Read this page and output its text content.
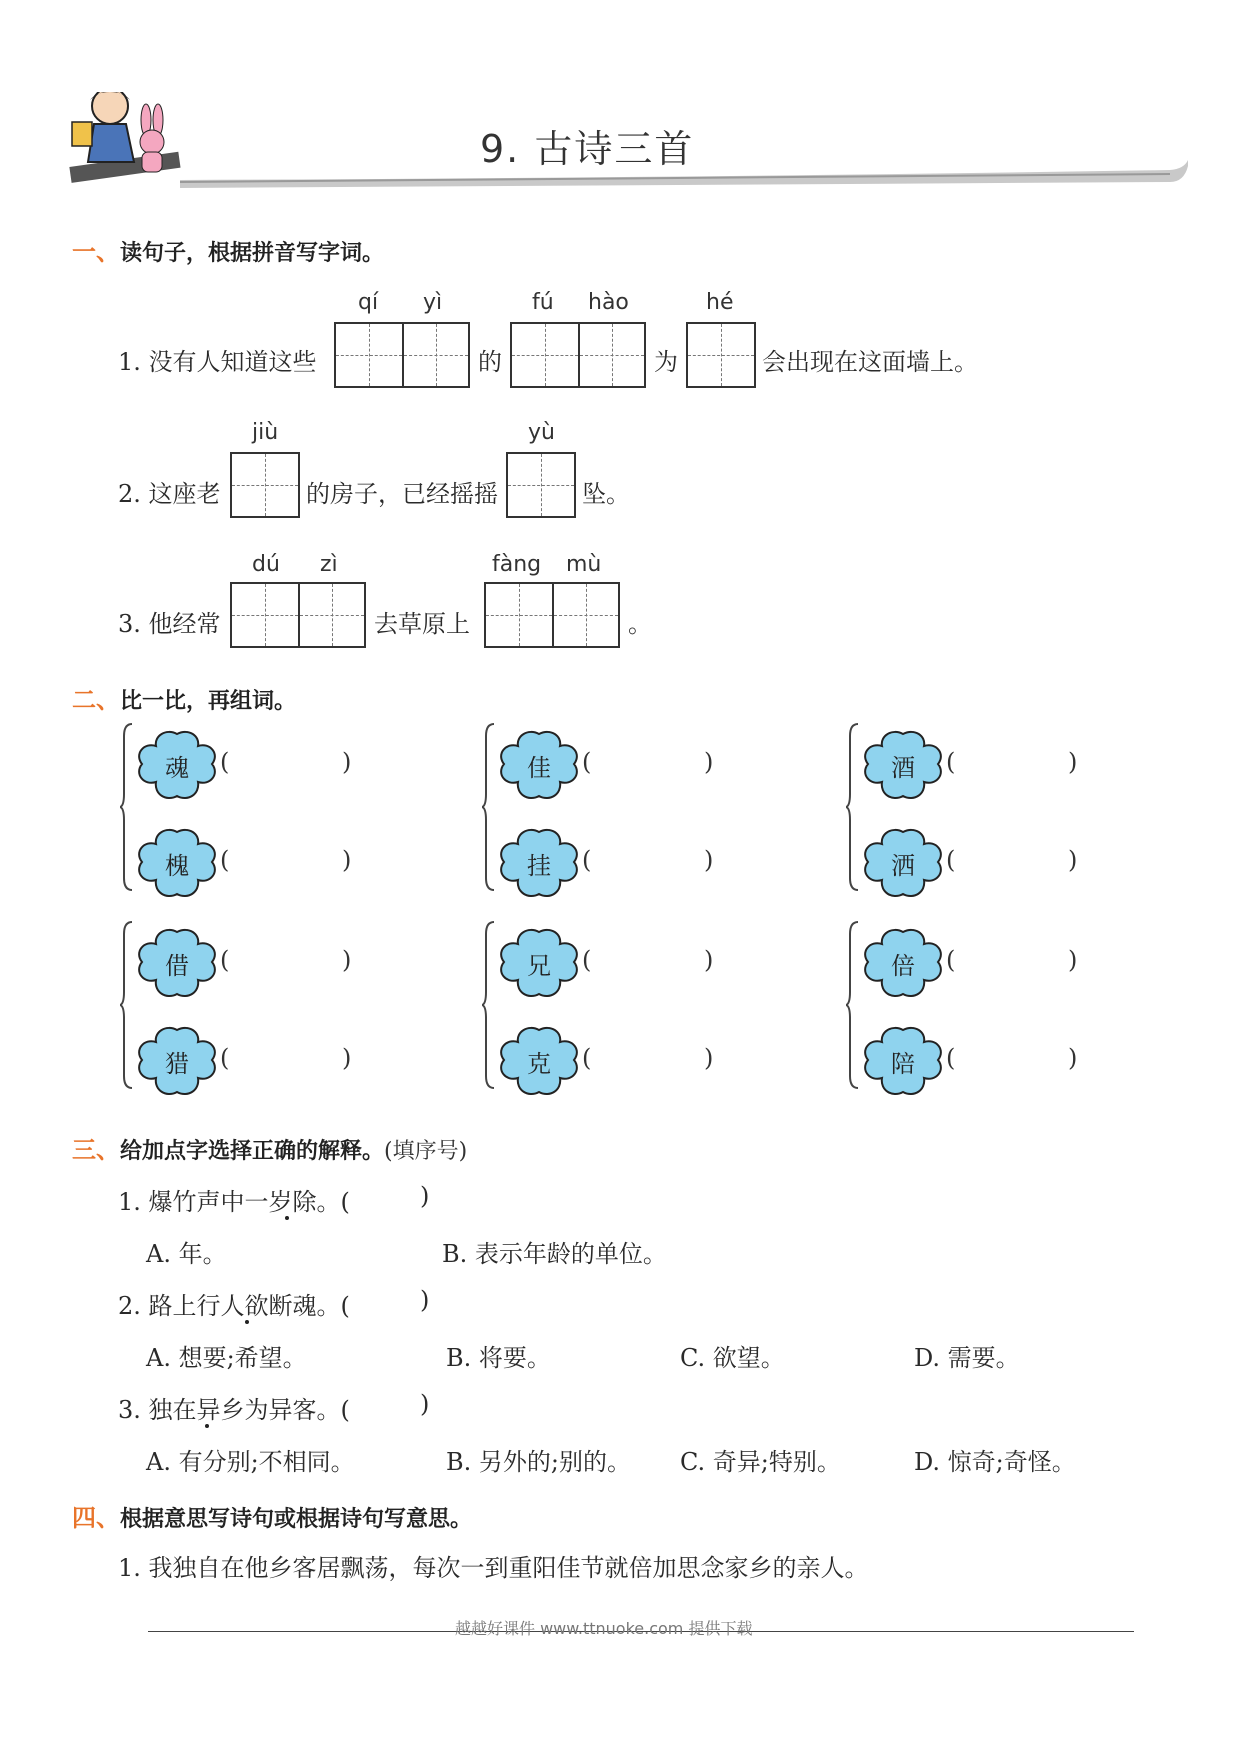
9. 古诗三首
一、读句子，根据拼音写字词。
qí yì	fú hào	hé
1. 没有人知道这些	的	为	会出现在这面墙上。
jiù	yù
2. 这座老	的房子，已经摇摇	坠。
dú zì	fàng mù
3. 他经常	去草原上	。
二、比一比，再组词。
魂	(	)
槐	(	)
佳	(	)
挂	(	)
酒	(	)
洒	(	)
借	(	)
猎	(	)
兄	(	)
克	(	)
倍	(	)
陪	(	)
三、给加点字选择正确的解释。(填序号)
1. 爆竹声中一岁除。(	)
A. 年。	B. 表示年龄的单位。
2. 路上行人欲断魂。(	)
A. 想要;希望。	B. 将要。	C. 欲望。	D. 需要。
3. 独在异乡为异客。(	)
A. 有分别;不相同。	B. 另外的;别的。 C. 奇异;特别。	D. 惊奇;奇怪。
四、根据意思写诗句或根据诗句写意思。
1. 我独自在他乡客居飘荡，每次一到重阳佳节就倍加思念家乡的亲人。
越越好课件 www.ttnuoke.com 提供下载
